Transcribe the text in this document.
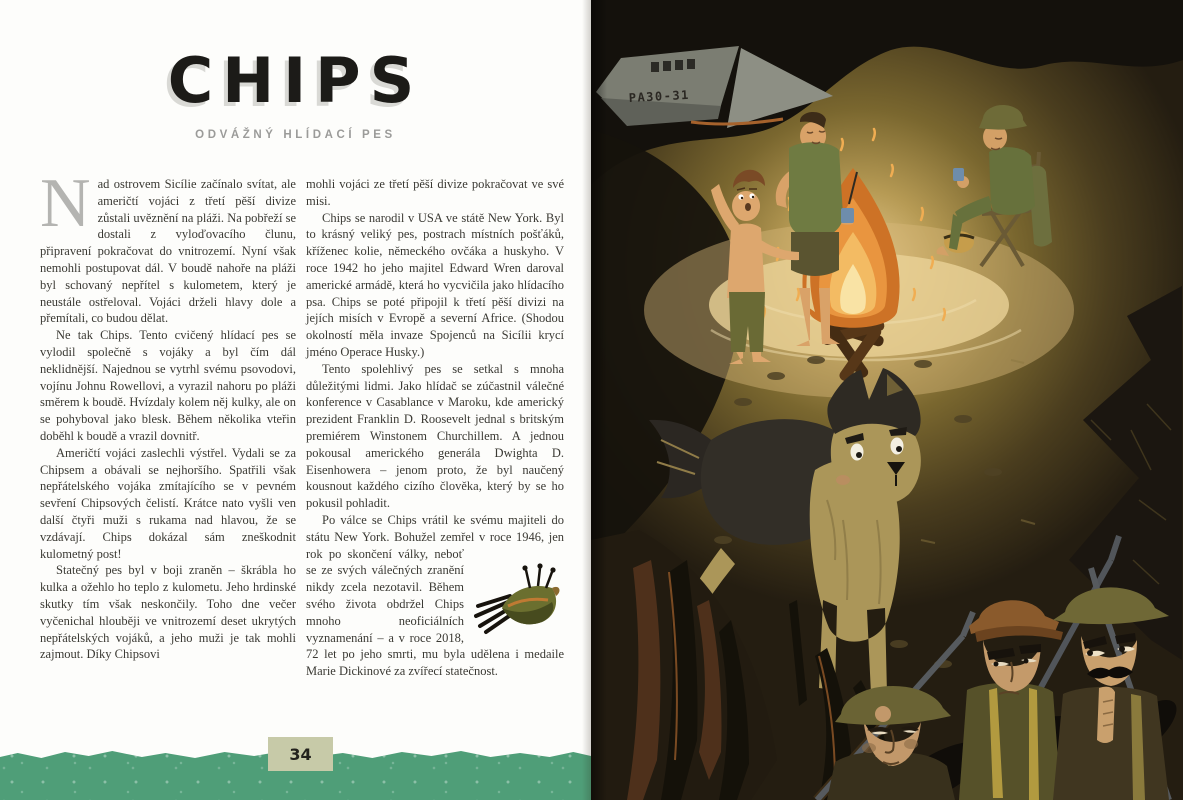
CHIPS
ODVÁŽNÝ HLÍDACÍ PES

Nad ostrovem Sicílie začínalo svítat, ale američtí vojáci z třetí pěší divize zůstali uvěznění na pláži. Na pobřeží se dostali z vyloďovacího člunu, připravení pokračovat do vnitrozemí. Nyní však nemohli postupovat dál. V boudě nahoře na pláži byl schovaný nepřítel s kulometem, který je neustále ostřeloval. Vojáci drželi hlavy dole a přemítali, co budou dělat.

Ne tak Chips. Tento cvičený hlídací pes se vylodil společně s vojáky a byl čím dál neklidnější. Najednou se vytrhl svému psovodovi, vojínu Johnu Rowellovi, a vyrazil nahoru po pláži směrem k boudě. Hvízdaly kolem něj kulky, ale on se pohyboval jako blesk. Během několika vteřin doběhl k boudě a vrazil dovnitř.

Američtí vojáci zaslechli výstřel. Vydali se za Chipsem a obávali se nejhoršího. Spatřili však nepřátelského vojáka zmítajícího se v pevném sevření Chipsových čelistí. Krátce nato vyšli ven další čtyři muži s rukama nad hlavou, že se vzdávají. Chips dokázal sám zneškodnit kulometný post!

Statečný pes byl v boji zraněn – škrábla ho kulka a ožehlo ho teplo z kulometu. Jeho hrdinské skutky tím však neskončily. Toho dne večer vyčenichal hlouběji ve vnitrozemí deset ukrytých nepřátelských vojáků, a jeho muži je tak mohli zajmout. Díky Chipsovi

mohli vojáci ze třetí pěší divize pokračovat ve své misi.

Chips se narodil v USA ve státě New York. Byl to krásný veliký pes, postrach místních pošťáků, kříženec kolie, německého ovčáka a huskyho. V roce 1942 ho jeho majitel Edward Wren daroval americké armádě, která ho vycvičila jako hlídacího psa. Chips se poté připojil k třetí pěší divizi na jejích misích v Evropě a severní Africe. (Shodou okolností měla invaze Spojenců na Sicílii krycí jméno Operace Husky.)

Tento spolehlivý pes se setkal s mnoha důležitými lidmi. Jako hlídač se zúčastnil válečné konference v Casablance v Maroku, kde americký prezident Franklin D. Roosevelt jednal s britským premiérem Winstonem Churchillem. A jednou pokousal amerického generála Dwighta D. Eisenhowera – jenom proto, že byl naučený kousnout každého cizího člověka, který by se ho pokusil pohladit.

Po válce se Chips vrátil ke svému majiteli do státu New York. Bohužel zemřel v roce 1946, jen rok po skončení války, neboť se ze svých válečných zranění nikdy zcela nezotavil. Během svého života obdržel Chips mnoho neoficiálních vyznamenání – a v roce 2018, 72 let po jeho smrti, mu byla udělena i medaile Marie Dickinové za zvířecí statečnost.

34
PA30-31
